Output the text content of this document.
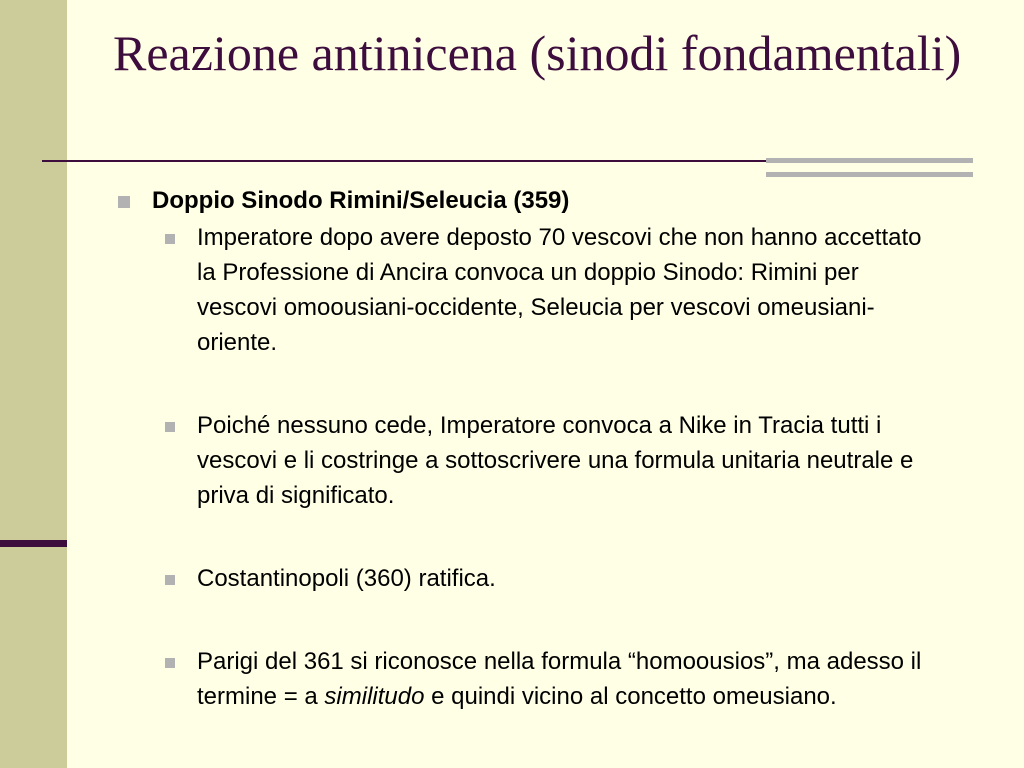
Reazione antinicena (sinodi fondamentali)
Doppio Sinodo Rimini/Seleucia (359)
Imperatore dopo avere deposto 70 vescovi che non hanno accettato la Professione di Ancira convoca un doppio Sinodo: Rimini per vescovi omoousiani-occidente, Seleucia per vescovi omeusiani-oriente.
Poiché nessuno cede, Imperatore convoca a Nike in Tracia tutti i vescovi e li costringe a sottoscrivere una formula unitaria neutrale e priva di significato.
Costantinopoli (360) ratifica.
Parigi del 361 si riconosce nella formula “homoousios”, ma adesso il termine = a similitudo e quindi vicino al concetto omeusiano.
